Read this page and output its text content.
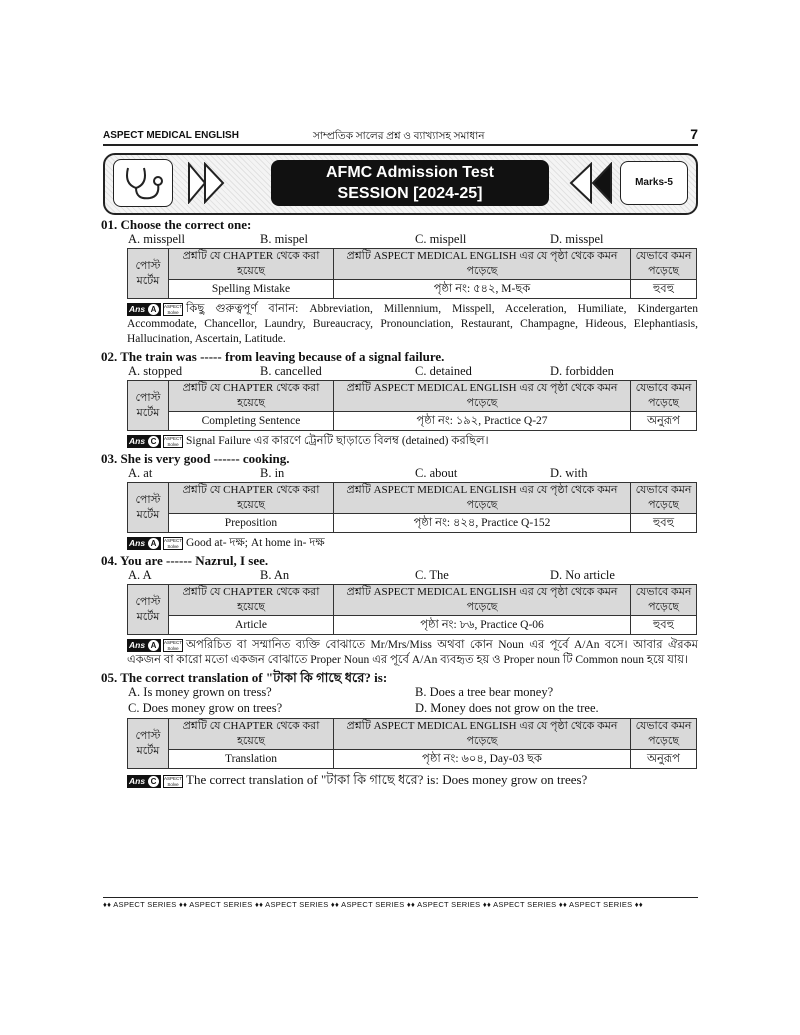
ASPECT MEDICAL ENGLISH	সাম্প্রতিক সালের প্রশ্ন ও ব্যাখ্যাসহ সমাধান	7
AFMC Admission Test
SESSION [2024-25]
Marks-5
01. Choose the correct one:
A. misspell	B. mispel	C. mispell	D. misspel
পোস্ট মর্টেম	প্রশ্নটি যে CHAPTER থেকে করা হয়েছে	প্রশ্নটি ASPECT MEDICAL ENGLISH এর যে পৃষ্ঠা থেকে কমন পড়েছে	যেভাবে কমন পড়েছে
	Spelling Mistake	পৃষ্ঠা নং: ৫৪২, M-ছক	হুবহু
Ans A	ASPECT Solve কিছু গুরুত্বপূর্ণ বানান: Abbreviation, Millennium, Misspell, Acceleration, Humiliate, Kindergarten Accommodate, Chancellor, Laundry, Bureaucracy, Pronounciation, Restaurant, Champagne, Hideous, Elephantiasis, Hallucination, Ascertain, Latitude.
02. The train was ----- from leaving because of a signal failure.
A. stopped	B. cancelled	C. detained	D. forbidden
পোস্ট মর্টেম	প্রশ্নটি যে CHAPTER থেকে করা হয়েছে	প্রশ্নটি ASPECT MEDICAL ENGLISH এর যে পৃষ্ঠা থেকে কমন পড়েছে	যেভাবে কমন পড়েছে
	Completing Sentence	পৃষ্ঠা নং: ১৯২, Practice Q-27	অনুরূপ
Ans C	ASPECT Solve Signal Failure এর কারণে ট্রেনটি ছাড়াতে বিলম্ব (detained) করছিল।
03. She is very good ------ cooking.
A. at	B. in	C. about	D. with
পোস্ট মর্টেম	প্রশ্নটি যে CHAPTER থেকে করা হয়েছে	প্রশ্নটি ASPECT MEDICAL ENGLISH এর যে পৃষ্ঠা থেকে কমন পড়েছে	যেভাবে কমন পড়েছে
	Preposition	পৃষ্ঠা নং: ৪২৪, Practice Q-152	হুবহু
Ans A	ASPECT Solve Good at- দক্ষ; At home in- দক্ষ
04. You are ------ Nazrul, I see.
A. A	B. An	C. The	D. No article
পোস্ট মর্টেম	প্রশ্নটি যে CHAPTER থেকে করা হয়েছে	প্রশ্নটি ASPECT MEDICAL ENGLISH এর যে পৃষ্ঠা থেকে কমন পড়েছে	যেভাবে কমন পড়েছে
	Article	পৃষ্ঠা নং: ৮৬, Practice Q-06	হুবহু
Ans A	ASPECT Solve অপরিচিত বা সম্মানিত ব্যক্তি বোঝাতে Mr/Mrs/Miss অথবা কোন Noun এর পূর্বে A/An বসে। আবার ঐরকম একজন বা কারো মতো একজন বোঝাতে Proper Noun এর পূর্বে A/An ব্যবহৃত হয় ও Proper noun টি Common noun হয়ে যায়।
05. The correct translation of "টাকা কি গাছে ধরে? is:
A. Is money grown on tress?	B. Does a tree bear money?
C. Does money grow on trees?	D. Money does not grow on the tree.
পোস্ট মর্টেম	প্রশ্নটি যে CHAPTER থেকে করা হয়েছে	প্রশ্নটি ASPECT MEDICAL ENGLISH এর যে পৃষ্ঠা থেকে কমন পড়েছে	যেভাবে কমন পড়েছে
	Translation	পৃষ্ঠা নং: ৬০৪, Day-03 ছক	অনুরূপ
Ans C	ASPECT Solve The correct translation of "টাকা কি গাছে ধরে? is: Does money grow on trees?
♦♦ ASPECT SERIES ♦♦ ASPECT SERIES ♦♦ ASPECT SERIES ♦♦ ASPECT SERIES ♦♦ ASPECT SERIES ♦♦ ASPECT SERIES ♦♦ ASPECT SERIES ♦♦
